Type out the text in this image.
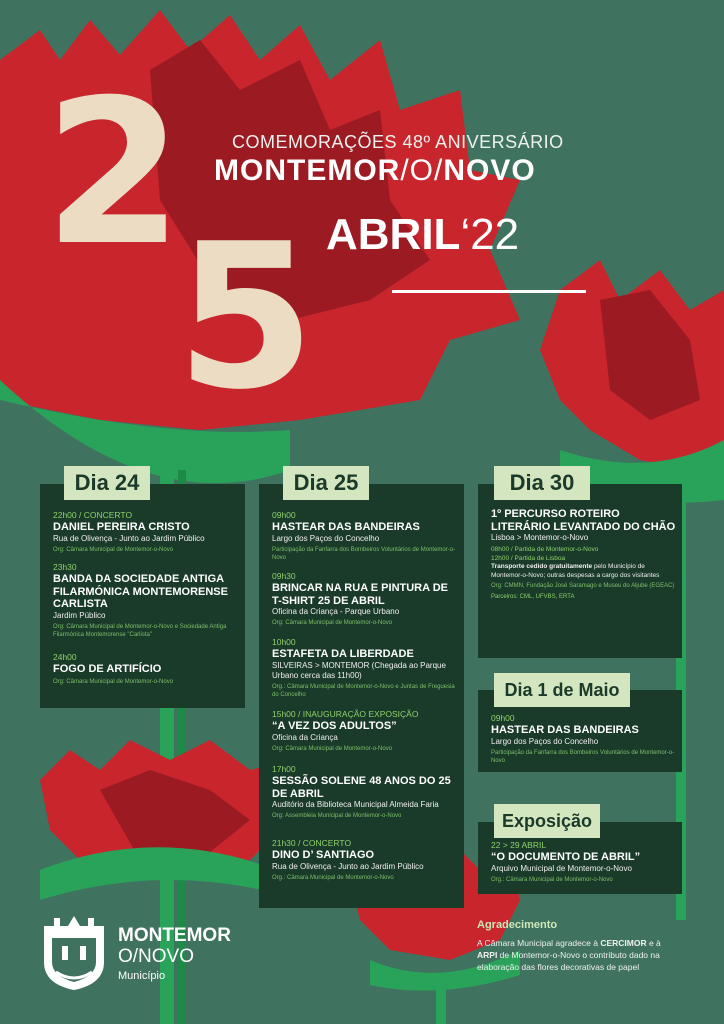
2
5
COMEMORAÇÕES 48º ANIVERSÁRIO
MONTEMOR/O/NOVO
ABRIL‘22
Dia 24
22h00 / CONCERTO
DANIEL PEREIRA CRISTO
Rua de Olivença - Junto ao Jardim Público
Org: Câmara Municipal de Montemor-o-Novo
23h30
BANDA DA SOCIEDADE ANTIGA FILARMÓNICA MONTEMORENSE CARLISTA
Jardim Público
Org: Câmara Municipal de Montemor-o-Novo e Sociedade Antiga Filarmónica Montemorense "Carlista"
24h00
FOGO DE ARTIFÍCIO
Org: Câmara Municipal de Montemor-o-Novo
Dia 25
09h00
HASTEAR DAS BANDEIRAS
Largo dos Paços do Concelho
Participação da Fanfarra dos Bombeiros Voluntários de Montemor-o-Novo
09h30
BRINCAR NA RUA E PINTURA DE T-SHIRT 25 DE ABRIL
Oficina da Criança - Parque Urbano
Org: Câmara Municipal de Montemor-o-Novo
10h00
ESTAFETA DA LIBERDADE
SILVEIRAS > MONTEMOR (Chegada ao Parque Urbano cerca das 11h00)
Org.: Câmara Municipal de Montemor-o-Novo e Juntas de Freguesia do Concelho
15h00 / INAUGURAÇÃO EXPOSIÇÃO
“A VEZ DOS ADULTOS”
Oficina da Criança
Org: Câmara Municipal de Montemor-o-Novo
17h00
SESSÃO SOLENE 48 ANOS DO 25 DE ABRIL
Auditório da Biblioteca Municipal Almeida Faria
Org: Assembleia Municipal de Montemor-o-Novo
21h30 / CONCERTO
DINO D’ SANTIAGO
Rua de Olivença - Junto ao Jardim Público
Org.: Câmara Municipal de Montemor-o-Novo
Dia 30
1º PERCURSO ROTEIRO LITERÁRIO LEVANTADO DO CHÃO
Lisboa > Montemor-o-Novo
08h00 / Partida de Montemor-o-Novo
12h00 / Partida de Lisboa
Transporte cedido gratuitamente pelo Município de Montemor-o-Novo; outras despesas a cargo dos visitantes
Org: CMMN, Fundação José Saramago e Museu do Aljube (EGEAC)
Parceiros: CML, UFVBS, ERTA
Dia 1 de Maio
09h00
HASTEAR DAS BANDEIRAS
Largo dos Paços do Concelho
Participação da Fanfarra dos Bombeiros Voluntários de Montemor-o-Novo
Exposição
22 > 29 ABRIL
“O DOCUMENTO DE ABRIL”
Arquivo Municipal de Montemor-o-Novo
Org.: Câmara Municipal de Montemor-o-Novo
Agradecimento
A Câmara Municipal agradece à CERCIMOR e à ARPI de Montemor-o-Novo o contributo dado na elaboração das flores decorativas de papel
MONTEMOR
O/NOVO
Município
